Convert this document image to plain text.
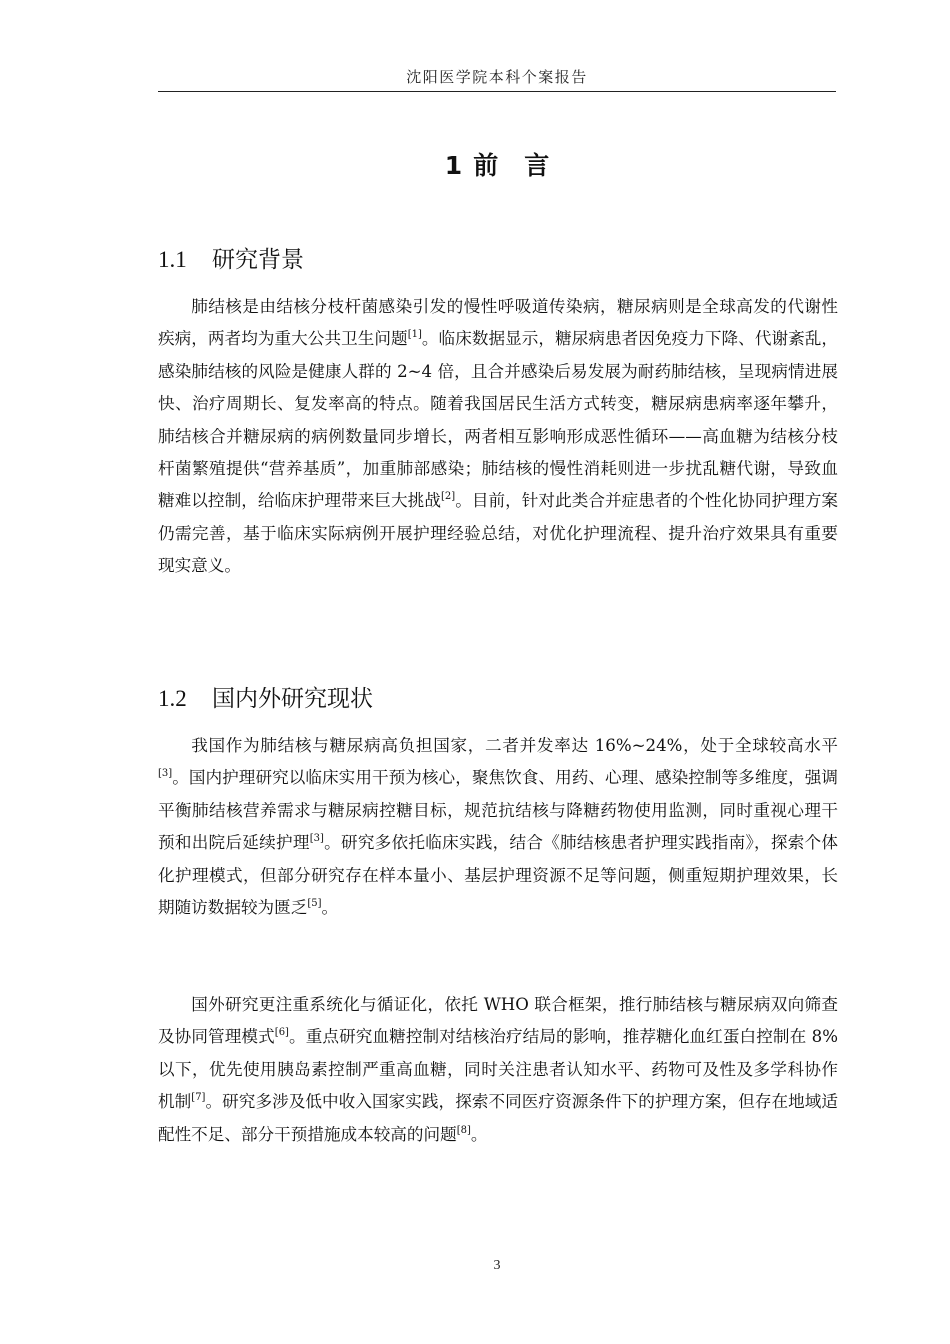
沈阳医学院本科个案报告
1 前言
1.1 研究背景

肺结核是由结核分枝杆菌感染引发的慢性呼吸道传染病，糖尿病则是全球高发的代谢性疾病，两者均为重大公共卫生问题[1]。临床数据显示，糖尿病患者因免疫力下降、代谢紊乱，感染肺结核的风险是健康人群的 2~4 倍，且合并感染后易发展为耐药肺结核，呈现病情进展快、治疗周期长、复发率高的特点。随着我国居民生活方式转变，糖尿病患病率逐年攀升，肺结核合并糖尿病的病例数量同步增长，两者相互影响形成恶性循环——高血糖为结核分枝杆菌繁殖提供“营养基质”，加重肺部感染；肺结核的慢性消耗则进一步扰乱糖代谢，导致血糖难以控制，给临床护理带来巨大挑战[2]。目前，针对此类合并症患者的个性化协同护理方案仍需完善，基于临床实际病例开展护理经验总结，对优化护理流程、提升治疗效果具有重要现实意义。

1.2 国内外研究现状

我国作为肺结核与糖尿病高负担国家，二者并发率达 16%~24%，处于全球较高水平[3]。国内护理研究以临床实用干预为核心，聚焦饮食、用药、心理、感染控制等多维度，强调平衡肺结核营养需求与糖尿病控糖目标，规范抗结核与降糖药物使用监测，同时重视心理干预和出院后延续护理[3]。研究多依托临床实践，结合《肺结核患者护理实践指南》，探索个体化护理模式，但部分研究存在样本量小、基层护理资源不足等问题，侧重短期护理效果，长期随访数据较为匮乏[5]。

国外研究更注重系统化与循证化，依托 WHO 联合框架，推行肺结核与糖尿病双向筛查及协同管理模式[6]。重点研究血糖控制对结核治疗结局的影响，推荐糖化血红蛋白控制在 8%以下，优先使用胰岛素控制严重高血糖，同时关注患者认知水平、药物可及性及多学科协作机制[7]。研究多涉及低中收入国家实践，探索不同医疗资源条件下的护理方案，但存在地域适配性不足、部分干预措施成本较高的问题[8]。

3
